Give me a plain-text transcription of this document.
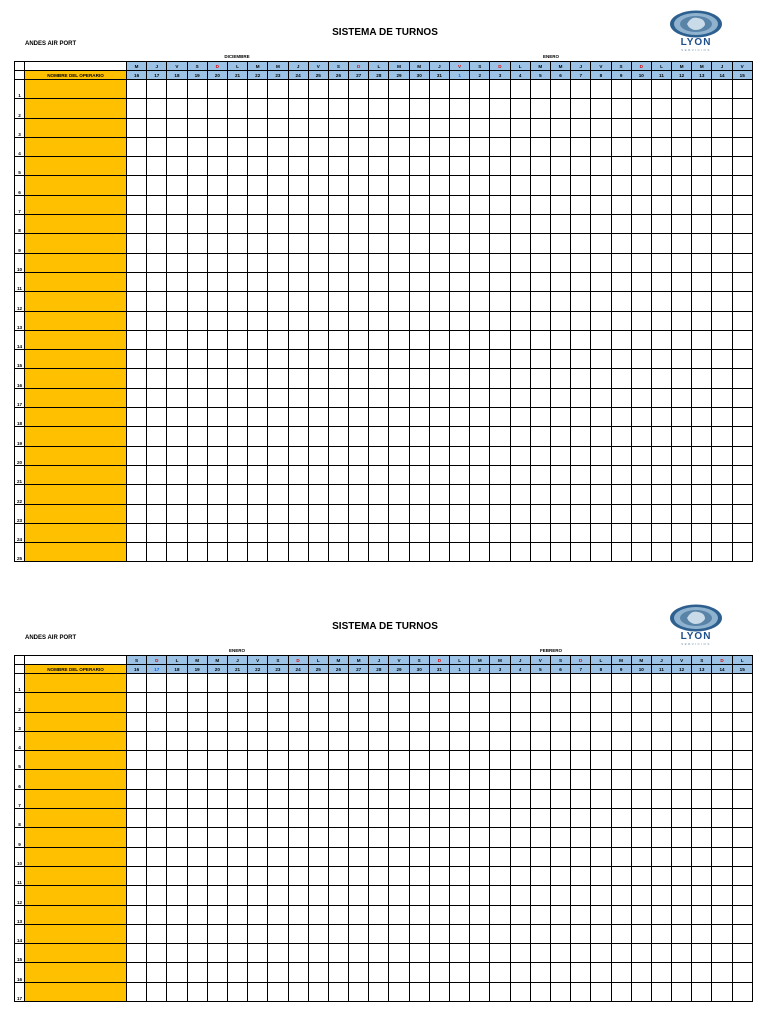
SISTEMA DE TURNOS
ANDES AIR PORT	LYON
SERVICIOS
DICIEMBRE	ENERO
		M	J	V	S	D	L	M	M	J	V	S	D	L	M	M	J	V	S	D	L	M	M	J	V	S	D	L	M	M	J	V
	NOMBRE DEL OPERARIO	16	17	18	19	20	21	22	23	24	25	26	27	28	29	30	31	1	2	3	4	5	6	7	8	9	10	11	12	13	14	15
1																																
2																																
3																																
4																																
5																																
6																																
7																																
8																																
9																																
10																																
11																																
12																																
13																																
14																																
15																																
16																																
17																																
18																																
19																																
20																																
21																																
22																																
23																																
24																																
25																																
SISTEMA DE TURNOS
ANDES AIR PORT	LYON
SERVICIOS
ENERO	FEBRERO
		S	D	L	M	M	J	V	S	D	L	M	M	J	V	S	D	L	M	M	J	V	S	D	L	M	M	J	V	S	D	L
	NOMBRE DEL OPERARIO	16	17	18	19	20	21	22	23	24	25	26	27	28	29	30	31	1	2	3	4	5	6	7	8	9	10	11	12	13	14	15
1																																
2																																
3																																
4																																
5																																
6																																
7																																
8																																
9																																
10																																
11																																
12																																
13																																
14																																
15																																
16																																
17																																
